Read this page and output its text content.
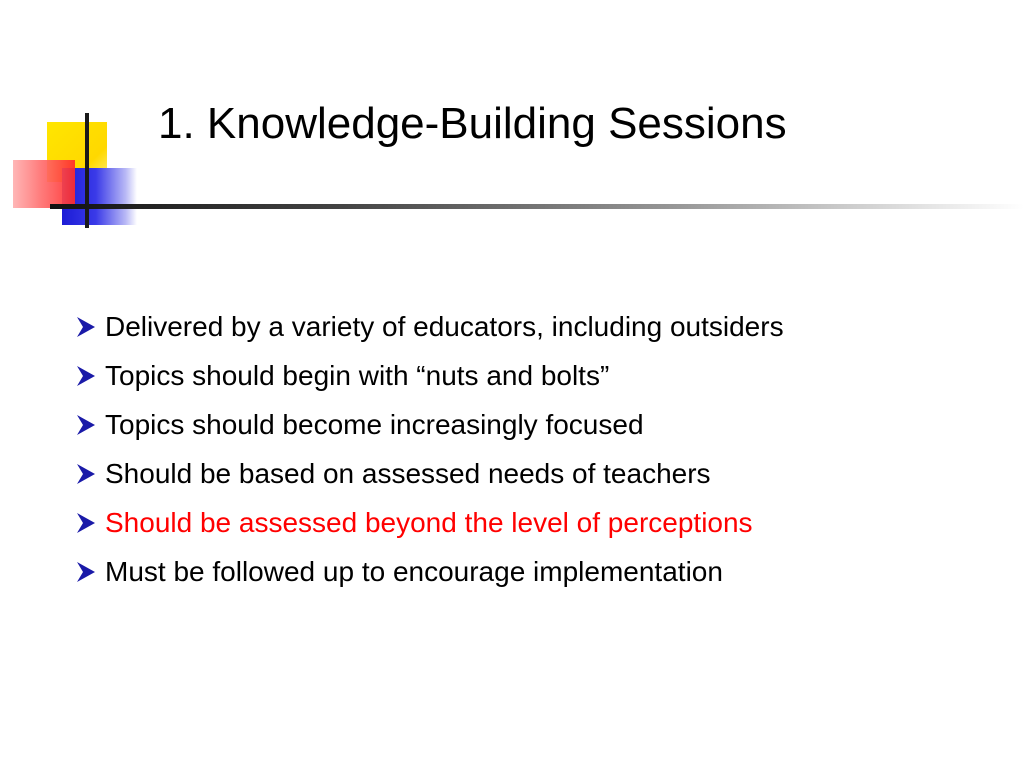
1. Knowledge-Building Sessions
Delivered by a variety of educators, including outsiders
Topics should begin with “nuts and bolts”
Topics should become increasingly focused
Should be based on assessed needs of teachers
Should be assessed beyond the level of perceptions
Must be followed up to encourage implementation
